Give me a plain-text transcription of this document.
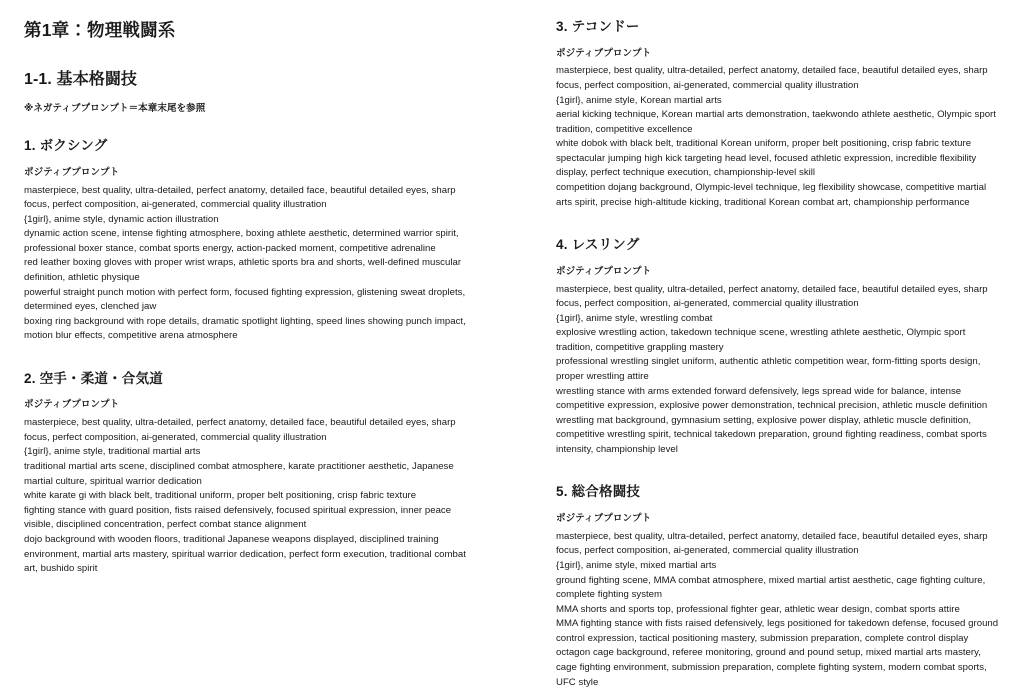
第1章：物理戦闘系
1-1. 基本格闘技

※ネガティブプロンプト＝本章末尾を参照

1. ボクシング

ポジティブプロンプト

masterpiece, best quality, ultra-detailed, perfect anatomy, detailed face, beautiful detailed eyes, sharp focus, perfect composition, ai-generated, commercial quality illustration

{1girl}, anime style, dynamic action illustration

dynamic action scene, intense fighting atmosphere, boxing athlete aesthetic, determined warrior spirit, professional boxer stance, combat sports energy, action-packed moment, competitive adrenaline

red leather boxing gloves with proper wrist wraps, athletic sports bra and shorts, well-defined muscular definition, athletic physique

powerful straight punch motion with perfect form, focused fighting expression, glistening sweat droplets, determined eyes, clenched jaw

boxing ring background with rope details, dramatic spotlight lighting, speed lines showing punch impact, motion blur effects, competitive arena atmosphere

2. 空手・柔道・合気道

ポジティブプロンプト

masterpiece, best quality, ultra-detailed, perfect anatomy, detailed face, beautiful detailed eyes, sharp focus, perfect composition, ai-generated, commercial quality illustration

{1girl}, anime style, traditional martial arts

traditional martial arts scene, disciplined combat atmosphere, karate practitioner aesthetic, Japanese martial culture, spiritual warrior dedication

white karate gi with black belt, traditional uniform, proper belt positioning, crisp fabric texture

fighting stance with guard position, fists raised defensively, focused spiritual expression, inner peace visible, disciplined concentration, perfect combat stance alignment

dojo background with wooden floors, traditional Japanese weapons displayed, disciplined training environment, martial arts mastery, spiritual warrior dedication, perfect form execution, traditional combat art, bushido spirit

3. テコンドー

ポジティブプロンプト

masterpiece, best quality, ultra-detailed, perfect anatomy, detailed face, beautiful detailed eyes, sharp focus, perfect composition, ai-generated, commercial quality illustration

{1girl}, anime style, Korean martial arts

aerial kicking technique, Korean martial arts demonstration, taekwondo athlete aesthetic, Olympic sport tradition, competitive excellence

white dobok with black belt, traditional Korean uniform, proper belt positioning, crisp fabric texture

spectacular jumping high kick targeting head level, focused athletic expression, incredible flexibility display, perfect technique execution, championship-level skill

competition dojang background, Olympic-level technique, leg flexibility showcase, competitive martial arts spirit, precise high-altitude kicking, traditional Korean combat art, championship performance

4. レスリング

ポジティブプロンプト

masterpiece, best quality, ultra-detailed, perfect anatomy, detailed face, beautiful detailed eyes, sharp focus, perfect composition, ai-generated, commercial quality illustration

{1girl}, anime style, wrestling combat

explosive wrestling action, takedown technique scene, wrestling athlete aesthetic, Olympic sport tradition, competitive grappling mastery

professional wrestling singlet uniform, authentic athletic competition wear, form-fitting sports design, proper wrestling attire

wrestling stance with arms extended forward defensively, legs spread wide for balance, intense competitive expression, explosive power demonstration, technical precision, athletic muscle definition

wrestling mat background, gymnasium setting, explosive power display, athletic muscle definition, competitive wrestling spirit, technical takedown preparation, ground fighting readiness, combat sports intensity, championship level

5. 総合格闘技

ポジティブプロンプト

masterpiece, best quality, ultra-detailed, perfect anatomy, detailed face, beautiful detailed eyes, sharp focus, perfect composition, ai-generated, commercial quality illustration

{1girl}, anime style, mixed martial arts

ground fighting scene, MMA combat atmosphere, mixed martial artist aesthetic, cage fighting culture, complete fighting system

MMA shorts and sports top, professional fighter gear, athletic wear design, combat sports attire

MMA fighting stance with fists raised defensively, legs positioned for takedown defense, focused ground control expression, tactical positioning mastery, submission preparation, complete control display

octagon cage background, referee monitoring, ground and pound setup, mixed martial arts mastery, cage fighting environment, submission preparation, complete fighting system, modern combat sports, UFC style
